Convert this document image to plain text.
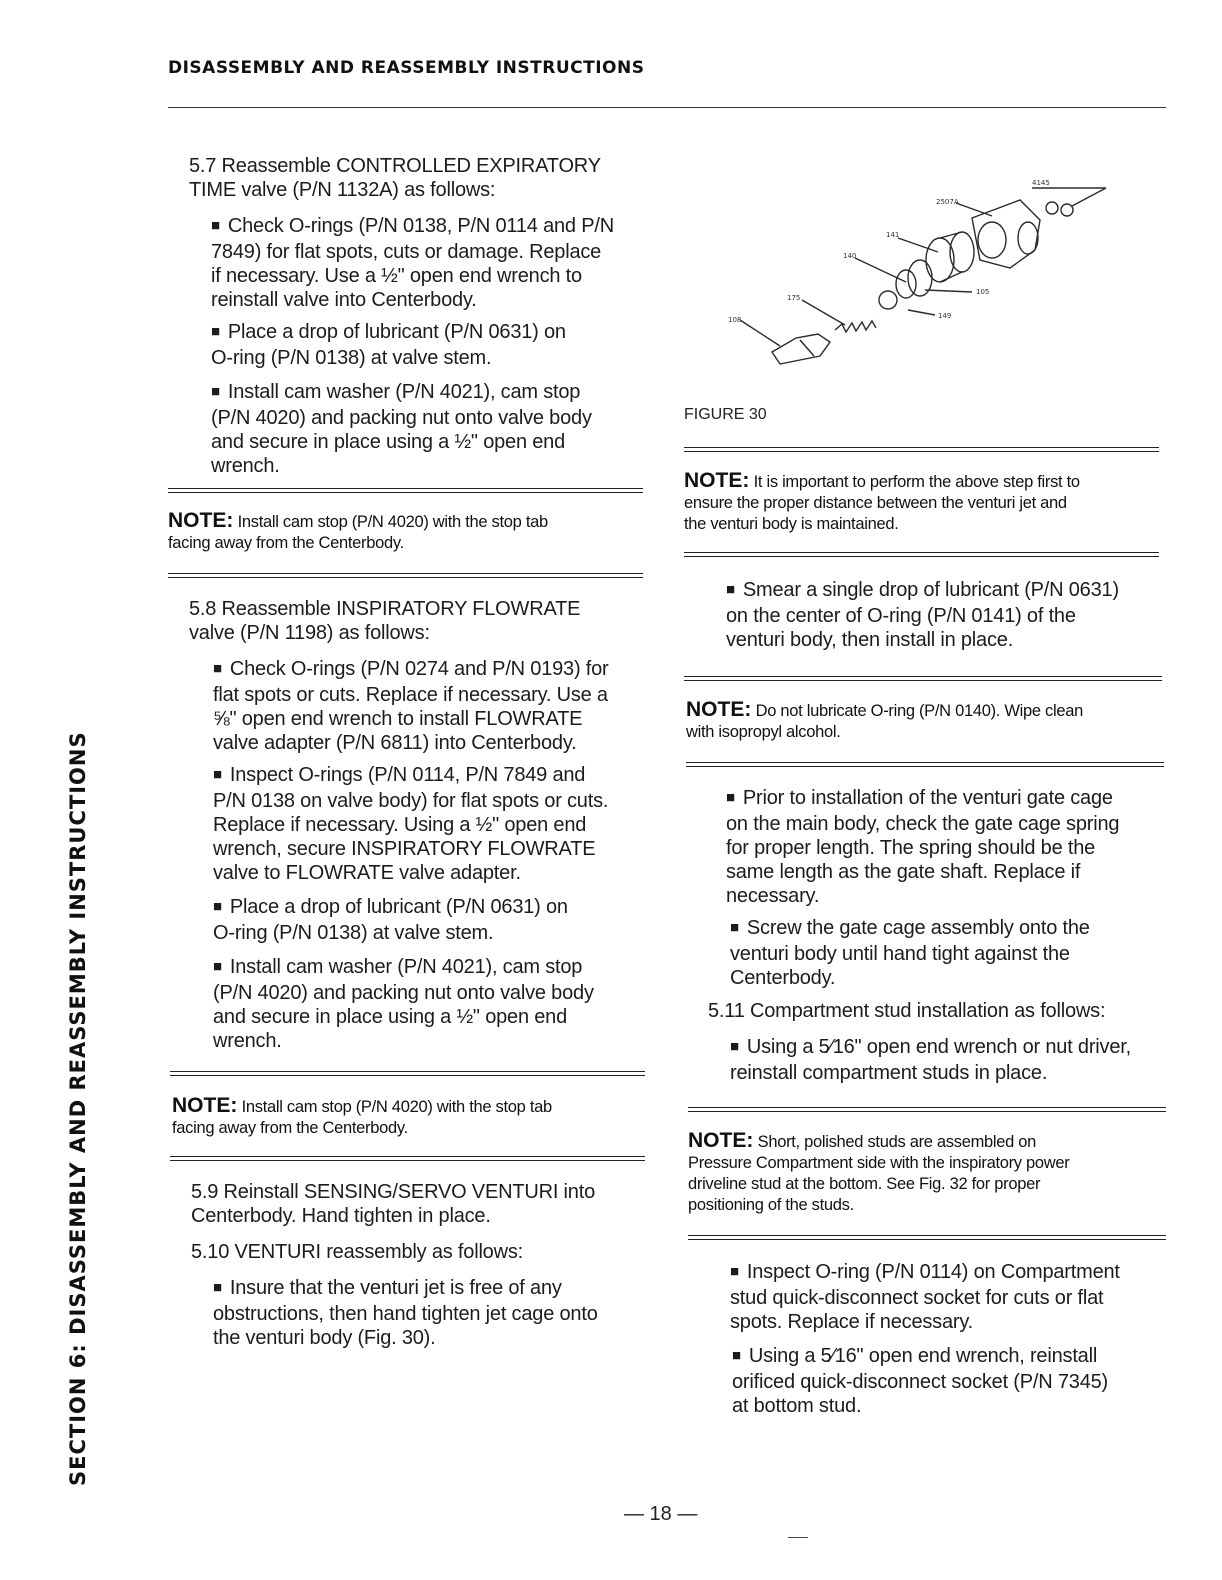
DISASSEMBLY AND REASSEMBLY INSTRUCTIONS
SECTION 6: DISASSEMBLY AND REASSEMBLY INSTRUCTIONS

5.7 Reassemble CONTROLLED EXPIRATORY
TIME valve (P/N 1132A) as follows:

■ Check O-rings (P/N 0138, P/N 0114 and P/N
7849) for flat spots, cuts or damage. Replace
if necessary. Use a ½" open end wrench to
reinstall valve into Centerbody.

■ Place a drop of lubricant (P/N 0631) on
O-ring (P/N 0138) at valve stem.

■ Install cam washer (P/N 4021), cam stop
(P/N 4020) and packing nut onto valve body
and secure in place using a ½" open end
wrench.

NOTE: Install cam stop (P/N 4020) with the stop tab
facing away from the Centerbody.

5.8 Reassemble INSPIRATORY FLOWRATE
valve (P/N 1198) as follows:

■ Check O-rings (P/N 0274 and P/N 0193) for
flat spots or cuts. Replace if necessary. Use a
⅝" open end wrench to install FLOWRATE
valve adapter (P/N 6811) into Centerbody.

■ Inspect O-rings (P/N 0114, P/N 7849 and
P/N 0138 on valve body) for flat spots or cuts.
Replace if necessary. Using a ½" open end
wrench, secure INSPIRATORY FLOWRATE
valve to FLOWRATE valve adapter.

■ Place a drop of lubricant (P/N 0631) on
O-ring (P/N 0138) at valve stem.

■ Install cam washer (P/N 4021), cam stop
(P/N 4020) and packing nut onto valve body
and secure in place using a ½" open end
wrench.

NOTE: Install cam stop (P/N 4020) with the stop tab
facing away from the Centerbody.

5.9 Reinstall SENSING/SERVO VENTURI into
Centerbody. Hand tighten in place.

5.10 VENTURI reassembly as follows:

■ Insure that the venturi jet is free of any
obstructions, then hand tighten jet cage onto
the venturi body (Fig. 30).

2507A
4145
141
140
175
105
149
108
FIGURE 30

NOTE: It is important to perform the above step first to
ensure the proper distance between the venturi jet and
the venturi body is maintained.

■ Smear a single drop of lubricant (P/N 0631)
on the center of O-ring (P/N 0141) of the
venturi body, then install in place.

NOTE: Do not lubricate O-ring (P/N 0140). Wipe clean
with isopropyl alcohol.

■ Prior to installation of the venturi gate cage
on the main body, check the gate cage spring
for proper length. The spring should be the
same length as the gate shaft. Replace if
necessary.

■ Screw the gate cage assembly onto the
venturi body until hand tight against the
Centerbody.

5.11 Compartment stud installation as follows:

■ Using a 5⁄16" open end wrench or nut driver,
reinstall compartment studs in place.

NOTE: Short, polished studs are assembled on
Pressure Compartment side with the inspiratory power
driveline stud at the bottom. See Fig. 32 for proper
positioning of the studs.

■ Inspect O-ring (P/N 0114) on Compartment
stud quick-disconnect socket for cuts or flat
spots. Replace if necessary.

■ Using a 5⁄16" open end wrench, reinstall
orificed quick-disconnect socket (P/N 7345)
at bottom stud.

— 18 —
